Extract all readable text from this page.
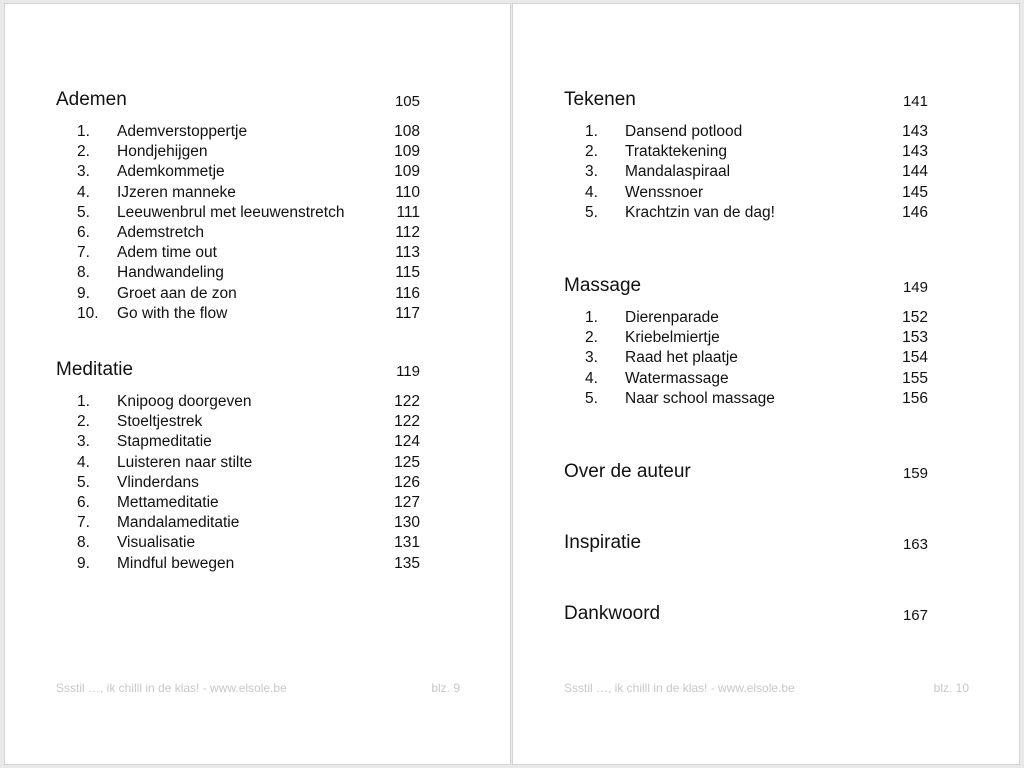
Ademen	105
1. Ademverstoppertje	108
2. Hondjehijgen	109
3. Ademkommetje	109
4. IJzeren manneke	110
5. Leeuwenbrul met leeuwenstretch	111
6. Ademstretch	112
7. Adem time out	113
8. Handwandeling	115
9. Groet aan de zon	116
10. Go with the flow	117
Meditatie	119
1. Knipoog doorgeven	122
2. Stoeltjestrek	122
3. Stapmeditatie	124
4. Luisteren naar stilte	125
5. Vlinderdans	126
6. Mettameditatie	127
7. Mandalameditatie	130
8. Visualisatie	131
9. Mindful bewegen	135
Ssstil …, ik chilll in de klas! - www.elsole.be	blz. 9
Tekenen	141
1. Dansend potlood	143
2. Trataktekening	143
3. Mandalaspiraal	144
4. Wenssnoer	145
5. Krachtzin van de dag!	146
Massage	149
1. Dierenparade	152
2. Kriebelmiertje	153
3. Raad het plaatje	154
4. Watermassage	155
5. Naar school massage	156
Over de auteur	159
Inspiratie	163
Dankwoord	167
Ssstil …, ik chilll in de klas! - www.elsole.be	blz. 10
